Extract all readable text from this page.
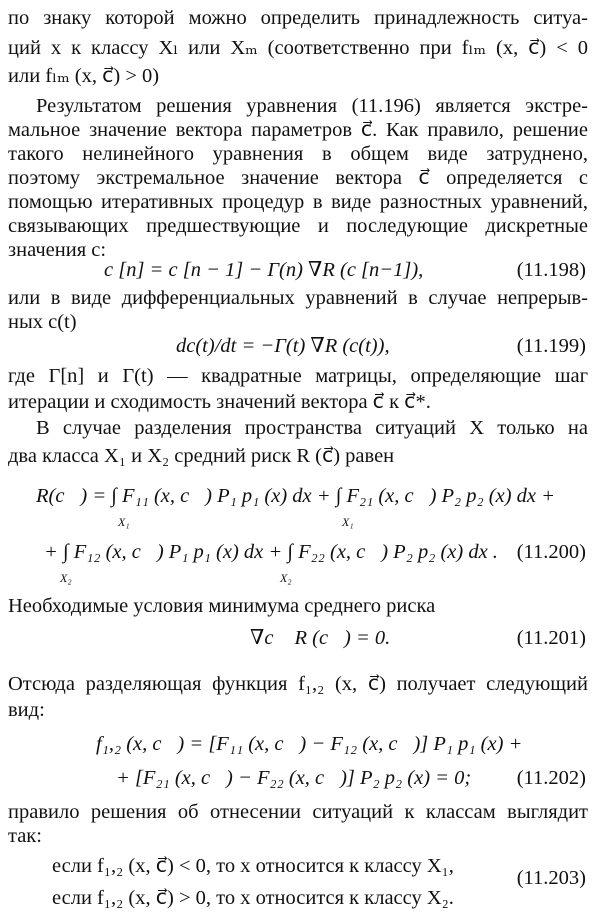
по знаку которой можно определить принадлежность ситуа-
ций x к классу Xₗ или Xₘ (соответственно при fₗₘ (x, c⃗) < 0
или fₗₘ (x, c⃗) > 0)
Результатом решения уравнения (11.196) является экстре-
мальное значение вектора параметров c⃗. Как правило, решение
такого нелинейного уравнения в общем виде затруднено,
поэтому экстремальное значение вектора c⃗ определяется с
помощью итеративных процедур в виде разностных уравнений,
связывающих предшествующие и последующие дискретные
значения c:
c [n] = c [n − 1] − Γ(n) ∇R (c [n−1]),	(11.198)
или в виде дифференциальных уравнений в случае непрерыв-
ных c(t)
dc(t)/dt = −Γ(t) ∇R (c(t)),	(11.199)
где Γ[n] и Γ(t) — квадратные матрицы, определяющие шаг
итерации и сходимость значений вектора c⃗ к c⃗*.
В случае разделения пространства ситуаций X только на
два класса X₁ и X₂ средний риск R (c⃗) равен
R(c⃗) = ∫ F₁₁ (x, c⃗) P₁ p₁ (x) dx + ∫ F₂₁ (x, c⃗) P₂ p₂ (x) dx +
X₁	X₁
+ ∫ F₁₂ (x, c⃗) P₁ p₁ (x) dx + ∫ F₂₂ (x, c⃗) P₂ p₂ (x) dx .
X₂	X₂
(11.200)
Необходимые условия минимума среднего риска
∇c⃗ R (c⃗) = 0.	(11.201)
Отсюда разделяющая функция f₁,₂ (x, c⃗) получает следующий
вид:
f₁,₂ (x, c⃗) = [F₁₁ (x, c⃗) − F₁₂ (x, c⃗)] P₁ p₁ (x) +
+ [F₂₁ (x, c⃗) − F₂₂ (x, c⃗)] P₂ p₂ (x) = 0; (11.202)
правило решения об отнесении ситуаций к классам выглядит
так:
если f₁,₂ (x, c⃗) < 0, то x относится к классу X₁,
если f₁,₂ (x, c⃗) > 0, то x относится к классу X₂.
(11.203)
